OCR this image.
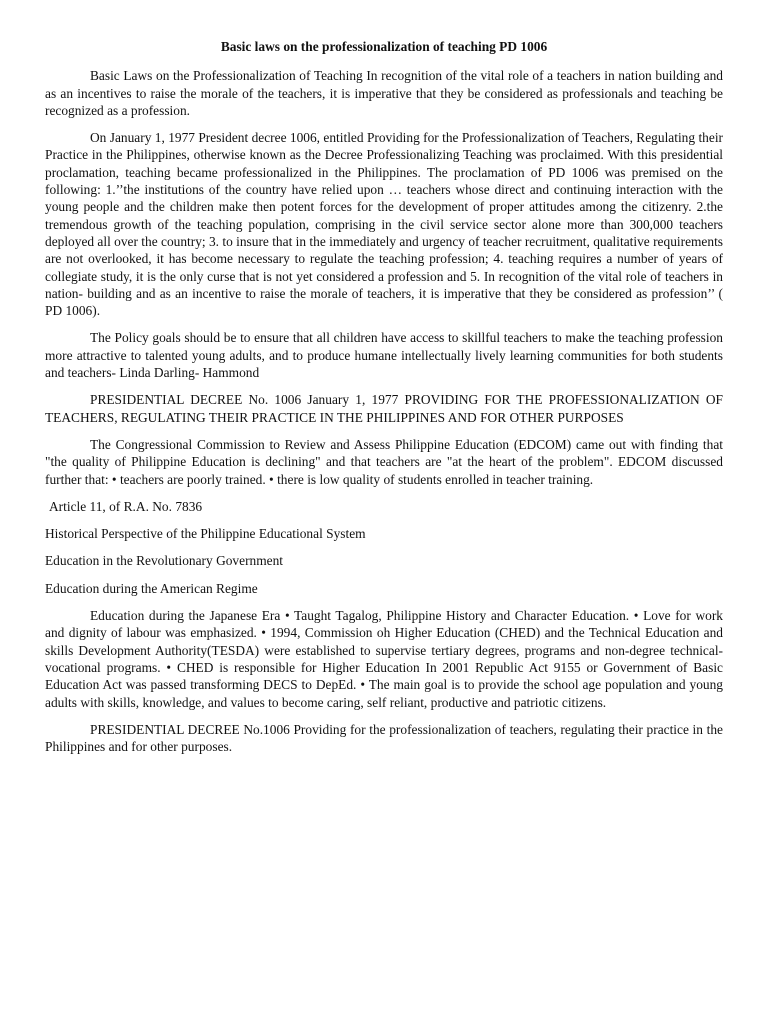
Basic laws on the professionalization of teaching PD 1006

Basic Laws on the Professionalization of Teaching In recognition of the vital role of a teachers in nation building and as an incentives to raise the morale of the teachers, it is imperative that they be considered as professionals and teaching be recognized as a profession.

On January 1, 1977 President decree 1006, entitled Providing for the Professionalization of Teachers, Regulating their Practice in the Philippines, otherwise known as the Decree Professionalizing Teaching was proclaimed. With this presidential proclamation, teaching became professionalized in the Philippines. The proclamation of PD 1006 was premised on the following: 1.’’the institutions of the country have relied upon … teachers whose direct and continuing interaction with the young people and the children make then potent forces for the development of proper attitudes among the citizenry. 2.the tremendous growth of the teaching population, comprising in the civil service sector alone more than 300,000 teachers deployed all over the country; 3. to insure that in the immediately and urgency of teacher recruitment, qualitative requirements are not overlooked, it has become necessary to regulate the teaching profession; 4. teaching requires a number of years of collegiate study, it is the only curse that is not yet considered a profession and 5. In recognition of the vital role of teachers in nation- building and as an incentive to raise the morale of teachers, it is imperative that they be considered as profession’’ ( PD 1006).

The Policy goals should be to ensure that all children have access to skillful teachers to make the teaching profession more attractive to talented young adults, and to produce humane intellectually lively learning communities for both students and teachers- Linda Darling- Hammond

PRESIDENTIAL DECREE No. 1006 January 1, 1977 PROVIDING FOR THE PROFESSIONALIZATION OF TEACHERS, REGULATING THEIR PRACTICE IN THE PHILIPPINES AND FOR OTHER PURPOSES

The Congressional Commission to Review and Assess Philippine Education (EDCOM) came out with finding that "the quality of Philippine Education is declining" and that teachers are "at the heart of the problem". EDCOM discussed further that: • teachers are poorly trained. • there is low quality of students enrolled in teacher training.

Article 11, of R.A. No. 7836
Historical Perspective of the Philippine Educational System
Education in the Revolutionary Government
Education during the American Regime

Education during the Japanese Era • Taught Tagalog, Philippine History and Character Education. • Love for work and dignity of labour was emphasized. • 1994, Commission oh Higher Education (CHED) and the Technical Education and skills Development Authority(TESDA) were established to supervise tertiary degrees, programs and non-degree technical-vocational programs. • CHED is responsible for Higher Education In 2001 Republic Act 9155 or Government of Basic Education Act was passed transforming DECS to DepEd. • The main goal is to provide the school age population and young adults with skills, knowledge, and values to become caring, self reliant, productive and patriotic citizens.

PRESIDENTIAL DECREE No.1006 Providing for the professionalization of teachers, regulating their practice in the Philippines and for other purposes.
